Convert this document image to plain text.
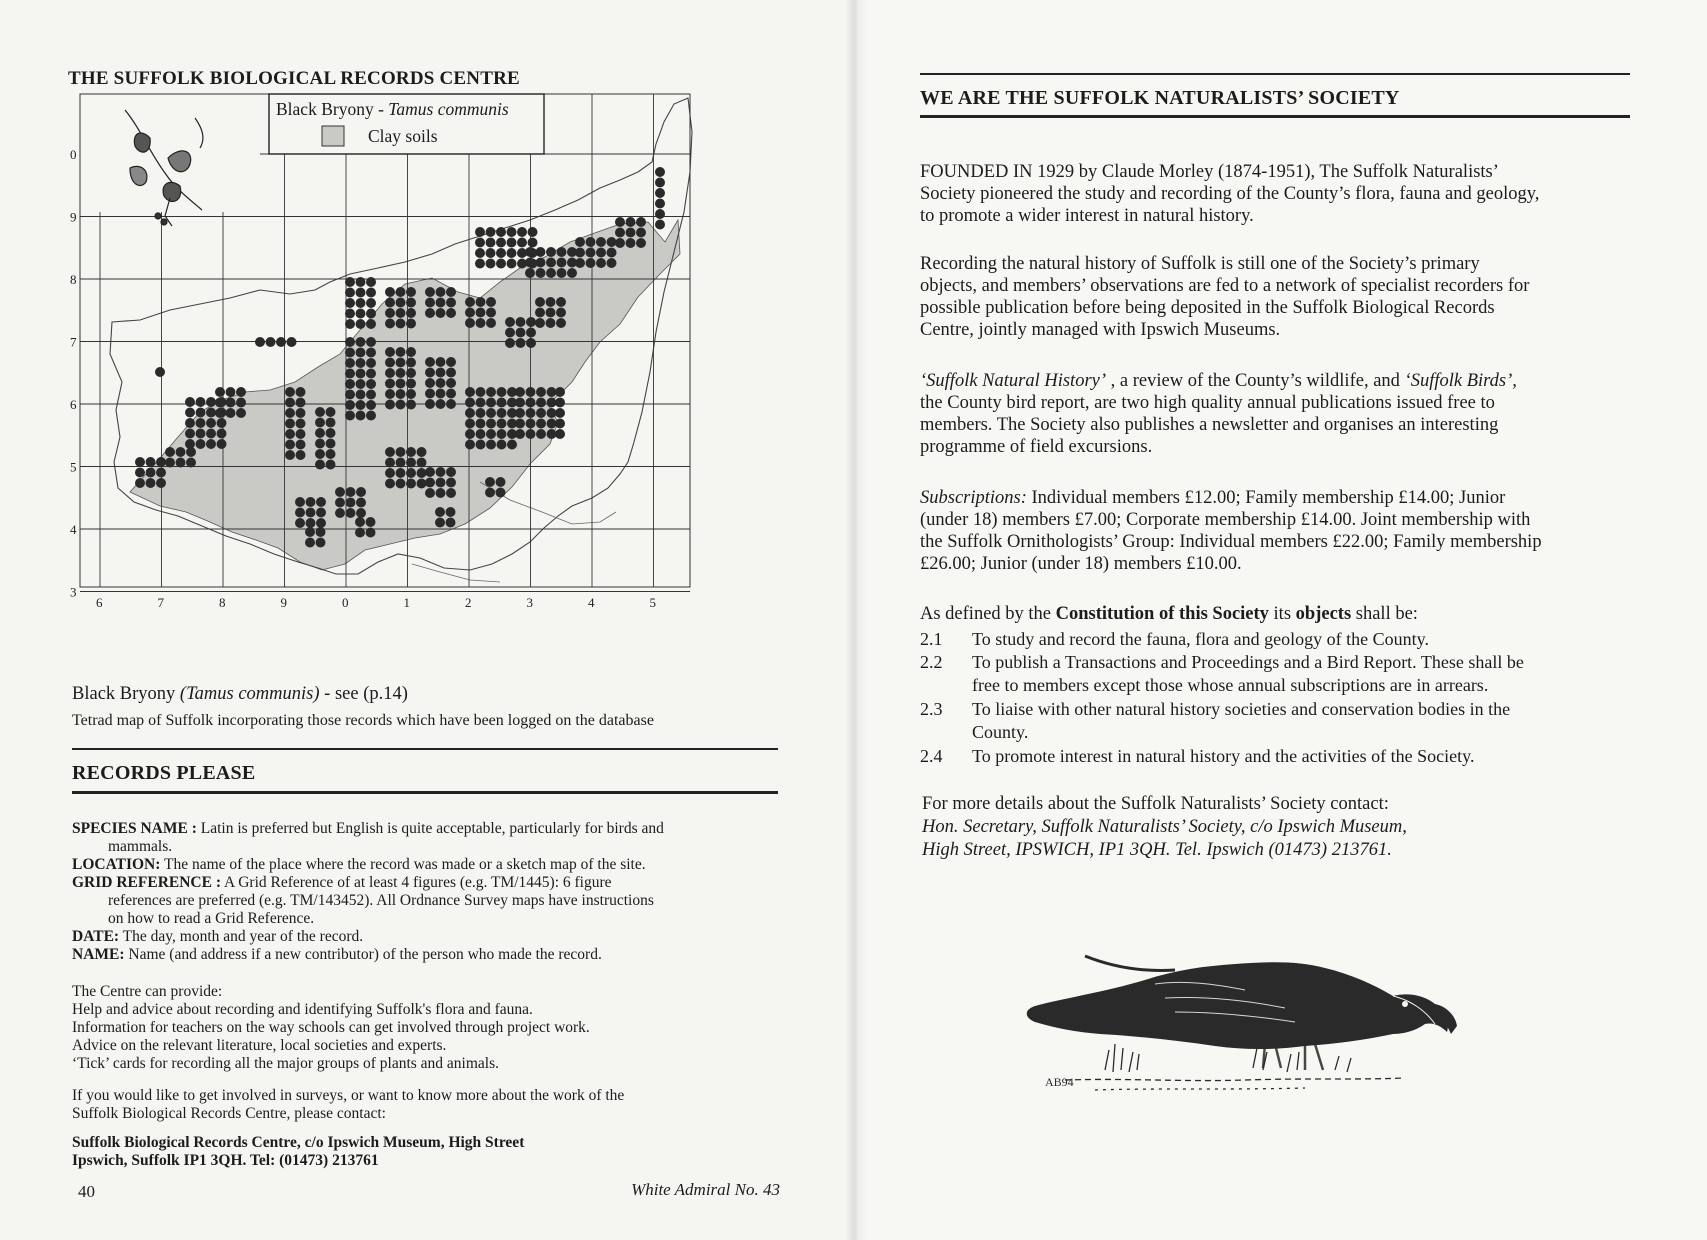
THE SUFFOLK BIOLOGICAL RECORDS CENTRE
6	7	8	9	0	1	2	3	4	5
0
9
8
7
6
5
4
3
Black Bryony - Tamus communis
Clay soils
Black Bryony (Tamus communis) - see (p.14)
Tetrad map of Suffolk incorporating those records which have been logged on the database
RECORDS PLEASE
SPECIES NAME : Latin is preferred but English is quite acceptable, particularly for birds and
mammals.
LOCATION: The name of the place where the record was made or a sketch map of the site.
GRID REFERENCE : A Grid Reference of at least 4 figures (e.g. TM/1445): 6 figure
references are preferred (e.g. TM/143452). All Ordnance Survey maps have instructions
on how to read a Grid Reference.
DATE: The day, month and year of the record.
NAME: Name (and address if a new contributor) of the person who made the record.
The Centre can provide:
Help and advice about recording and identifying Suffolk's flora and fauna.
Information for teachers on the way schools can get involved through project work.
Advice on the relevant literature, local societies and experts.
‘Tick’ cards for recording all the major groups of plants and animals.
If you would like to get involved in surveys, or want to know more about the work of the
Suffolk Biological Records Centre, please contact:
Suffolk Biological Records Centre, c/o Ipswich Museum, High Street
Ipswich, Suffolk IP1 3QH. Tel: (01473) 213761
40	White Admiral No. 43
WE ARE THE SUFFOLK NATURALISTS’ SOCIETY
FOUNDED IN 1929 by Claude Morley (1874-1951), The Suffolk Naturalists’
Society pioneered the study and recording of the County’s flora, fauna and geology,
to promote a wider interest in natural history.
Recording the natural history of Suffolk is still one of the Society’s primary
objects, and members’ observations are fed to a network of specialist recorders for
possible publication before being deposited in the Suffolk Biological Records
Centre, jointly managed with Ipswich Museums.
‘Suffolk Natural History’ , a review of the County’s wildlife, and ‘Suffolk Birds’,
the County bird report, are two high quality annual publications issued free to
members. The Society also publishes a newsletter and organises an interesting
programme of field excursions.
Subscriptions: Individual members £12.00; Family membership £14.00; Junior
(under 18) members £7.00; Corporate membership £14.00. Joint membership with
the Suffolk Ornithologists’ Group: Individual members £22.00; Family membership
£26.00; Junior (under 18) members £10.00.
As defined by the Constitution of this Society its objects shall be:
2.1	To study and record the fauna, flora and geology of the County.
2.2	To publish a Transactions and Proceedings and a Bird Report. These shall be
free to members except those whose annual subscriptions are in arrears.
2.3	To liaise with other natural history societies and conservation bodies in the
County.
2.4	To promote interest in natural history and the activities of the Society.
For more details about the Suffolk Naturalists’ Society contact:
Hon. Secretary, Suffolk Naturalists’ Society, c/o Ipswich Museum,
High Street, IPSWICH, IP1 3QH. Tel. Ipswich (01473) 213761.
AB94
